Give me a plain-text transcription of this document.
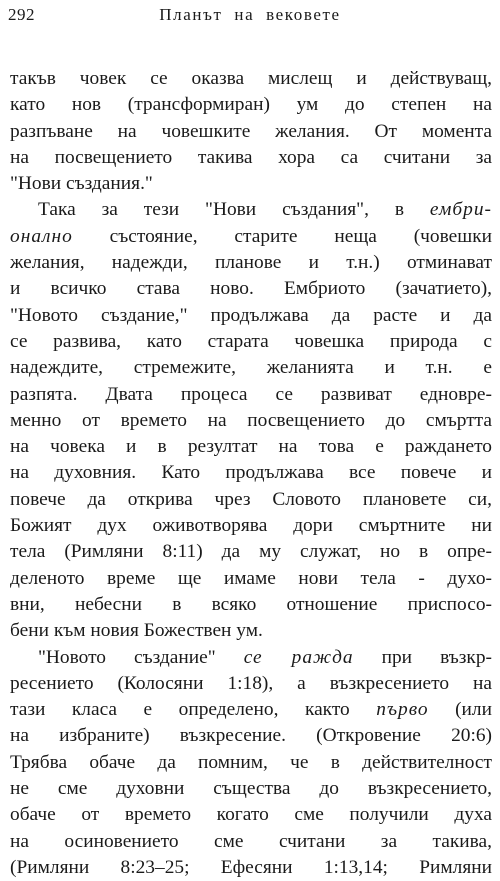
292	Планът на вековете
такъв човек се оказва мислещ и действуващ,
като нов (трансформиран) ум до степен на
разпъване на човешките желания. От момента
на посвещението такива хора са считани за
"Нови създания."
Така за тези "Нови създания", в ембри-
онално състояние, старите неща (човешки
желания, надежди, планове и т.н.) отминават
и всичко става ново. Ембриото (зачатието),
"Новото създание," продължава да расте и да
се развива, като старата човешка природа с
надеждите, стремежите, желанията и т.н. е
разпята. Двата процеса се развиват едновре-
менно от времето на посвещението до смъртта
на човека и в резултат на това е раждането
на духовния. Като продължава все повече и
повече да открива чрез Словото плановете си,
Божият дух оживотворява дори смъртните ни
тела (Римляни 8:11) да му служат, но в опре-
деленото време ще имаме нови тела - духо-
вни, небесни в всяко отношение приспосо-
бени към новия Божествен ум.
"Новото създание" се ражда при възкр-
ресението (Колосяни 1:18), а възкресението на
тази класа е определено, както първо (или
на избраните) възкресение. (Откровение 20:6)
Трябва обаче да помним, че в действителност
не сме духовни същества до възкресението,
обаче от времето когато сме получили духа
на осиновението сме считани за такива,
(Римляни 8:23–25; Ефесяни 1:13,14; Римляни
